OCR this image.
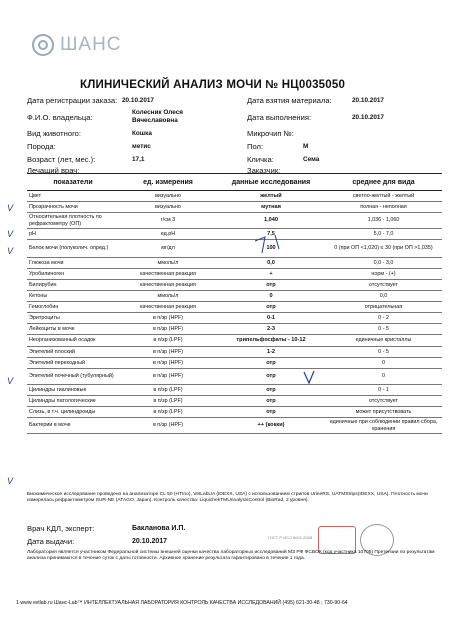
ШАНС
КЛИНИЧЕСКИЙ АНАЛИЗ МОЧИ № НЦ0035050
Дата регистрации заказа: 20.10.2017	Дата взятия материала:	20.10.2017
Ф.И.О. владельца:
Колесник Олеся Вячеславовна	Дата выполнения:	20.10.2017
Вид животного:	Кошка	Микрочип №:
Порода:	метис	Пол:	М
Возраст (лет, мес.):	17,1	Кличка:	Сема
Лечащий врач:	Заказчик:
показатели	ед. измерения	данные исследования	среднее для вида
Цвет	визуально	желтый	светло-желтый - желтый
Прозрачность мочи	визуально	мутная	полная - неполная
Относительная плотность по рефрактометру (ОП)	г/см 3	1,040	1,036 - 1,060
pH	ед.pH	7,5	5,0 - 7,0
Белок мочи (полуколич. опред.)	мг/дл	100	0 (при ОП <1,020) ≤ 30 (при ОП >1,035)
Глюкоза мочи	ммоль/л	0,0	0,0 - 3,0
Уробилиноген	качественная реакция	+	норм - (+)
Билирубин	качественная реакция	отр	отсутствует
Кетоны	ммоль/л	0	0,0
Гемоглобин	качественная реакция	отр	отрицательная
Эритроциты	в п/зр (HPF)	0-1	0 - 2
Лейкоциты в моче	в п/зр (HPF)	2-3	0 - 5
Неорганизованный осадок	в п/зр (LPF)	трипельфосфаты - 10-12	единичные кристаллы
Эпителий плоский	в п/зр (HPF)	1-2	0 - 5
Эпителий переходный	в п/зр (HPF)	отр	0
Эпителий почечный (тубулярный)	в п/зр (HPF)	отр	0
Цилиндры гиалиновые	в п/зр (LPF)	отр	0 - 1
Цилиндры патологические	в п/зр (LPF)	отр	отсутствует
Слизь, в т.ч. цилиндроиды	в п/зр (LPF)	отр	может присутствовать
Бактерии в моче	в п/зр (HPF)	++ (кокки)	единичные при соблюдении правил сбора, хранения
V
V
V
V
V
Биохимическое исследование проведено на анализаторе CL 50 (HTIno), VetLabUA (IDEXX, USA) с использованием стрипов UrineRS, UATMStrips(IDEXX, USA). Плотность мочи измерялась рефрактометром SUR-NE (ATAGO, Japan). Контроль качества: LiquichekTMUrinalysisControl (BioRad, 2 уровня).
Врач КДЛ, эксперт:	Бакланова И.П.
Дата выдачи:	20.10.2017
ГОСТ Р ИСО 9001-2008
Лаборатория является участником Федеральной системы внешней оценки качества лабораторных исследований МЗ РФ ФСВОК (код участника 10705) Претензии по результатам анализа принимаются в течение суток с даты готовности. Архивное хранение результата гарантировано в течение 1 года.
1 www.vetlab.ru Шанс-Lab™ ИНТЕЛЛЕКТУАЛЬНАЯ ЛАБОРАТОРИЯ КОНТРОЛЬ КАЧЕСТВА ИССЛЕДОВАНИЙ (495) 621-30-48 ; 730-90-64
